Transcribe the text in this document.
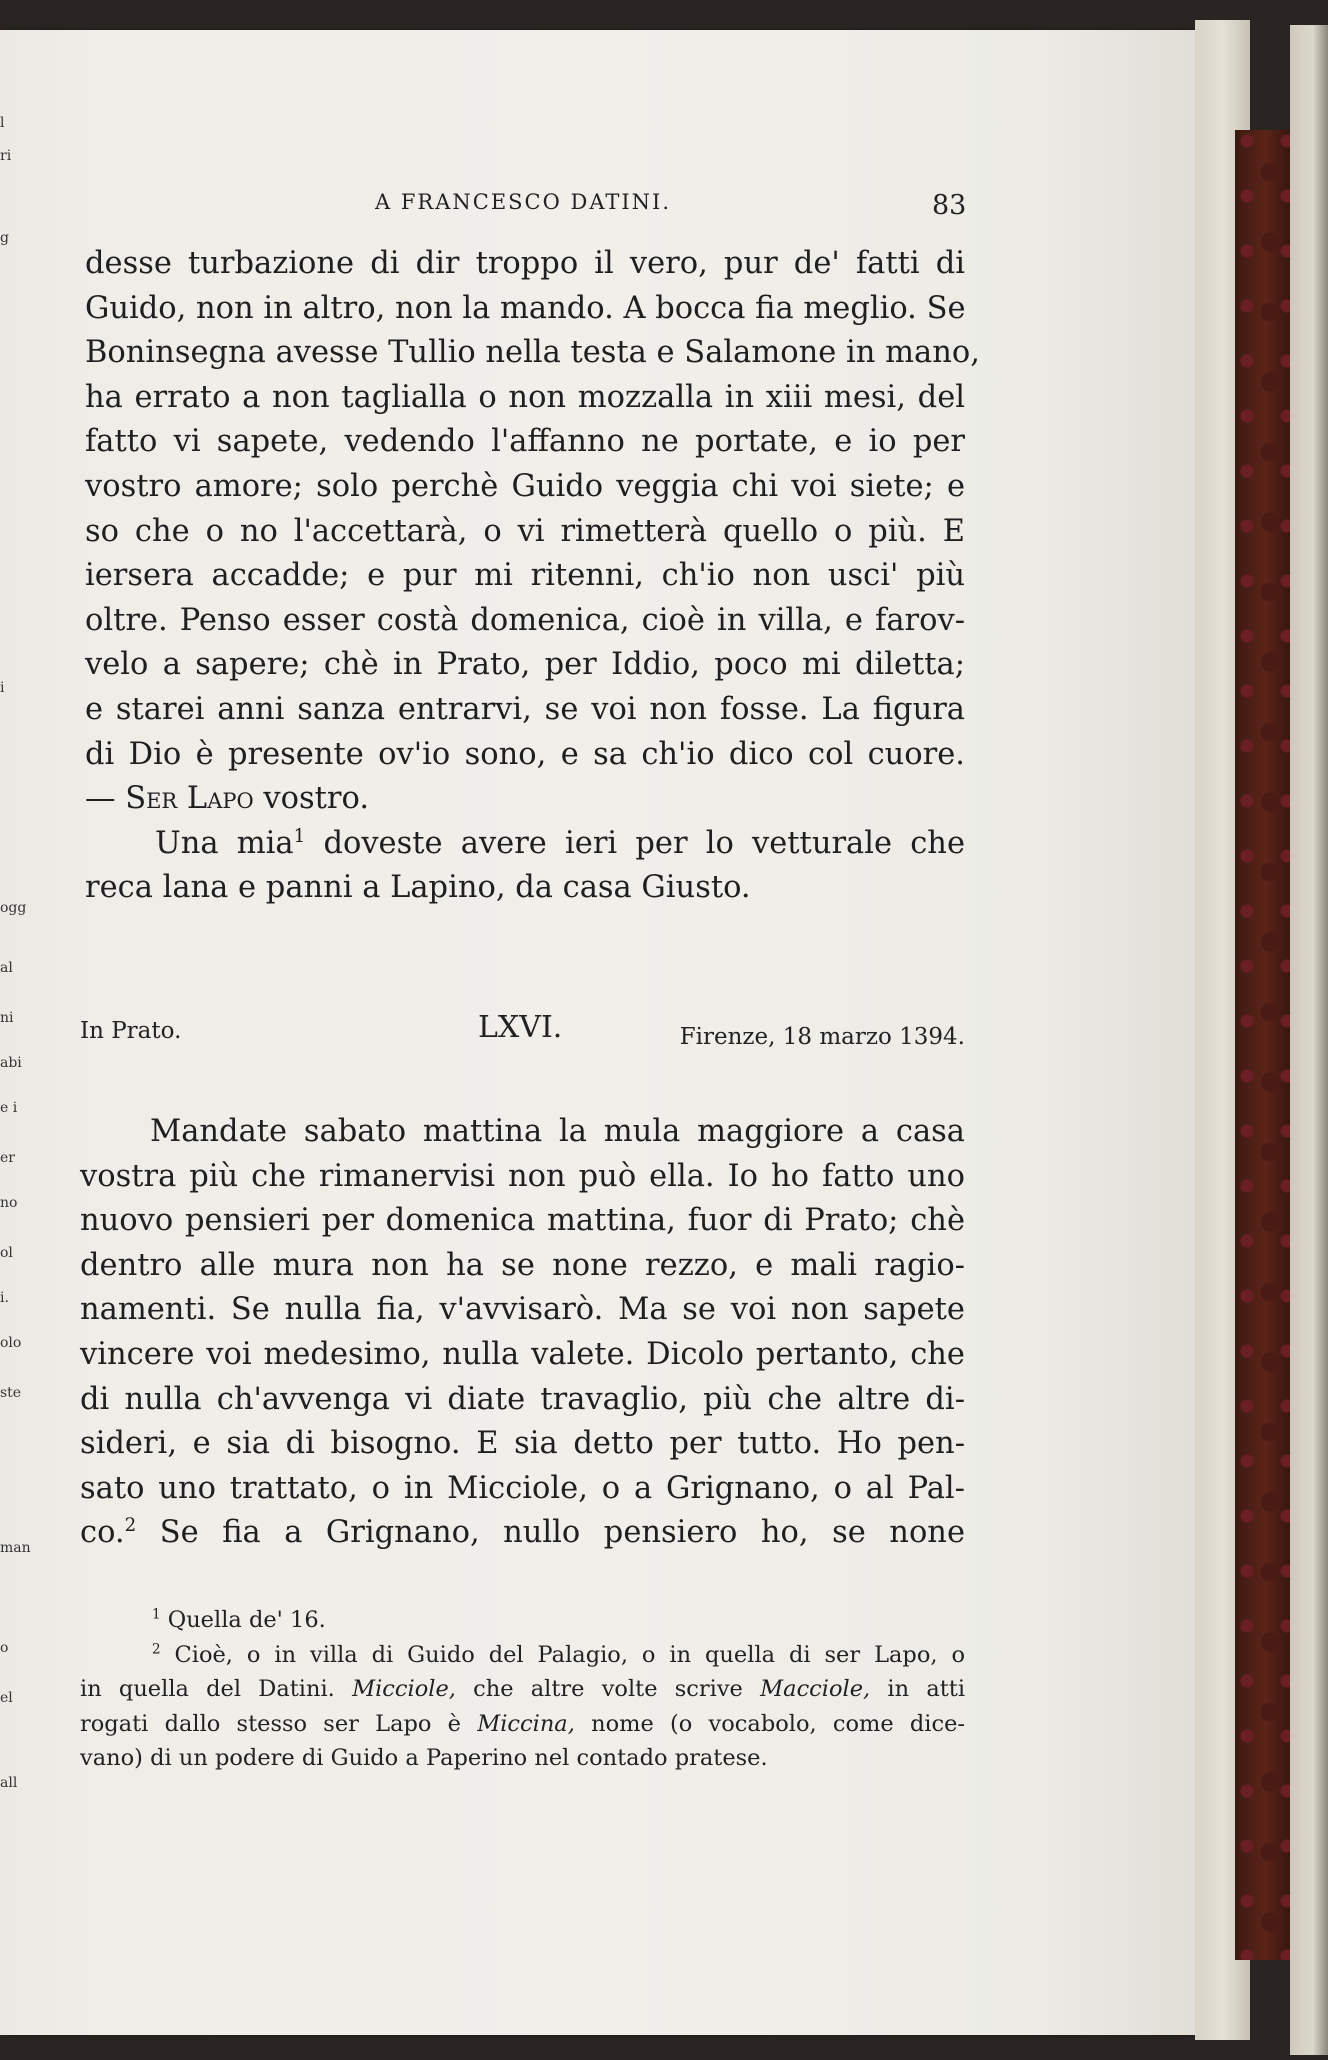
l
ri
g
i
ogg
al
ni
abi
e i
er
no
ol
i.
olo
ste
man
o
el
all
A FRANCESCO DATINI.	83
desse turbazione di dir troppo il vero, pur de' fatti di
Guido, non in altro, non la mando. A bocca fia meglio. Se
Boninsegna avesse Tullio nella testa e Salamone in mano,
ha errato a non taglialla o non mozzalla in xiii mesi, del
fatto vi sapete, vedendo l'affanno ne portate, e io per
vostro amore; solo perchè Guido veggia chi voi siete; e
so che o no l'accettarà, o vi rimetterà quello o più. E
iersera accadde; e pur mi ritenni, ch'io non usci' più
oltre. Penso esser costà domenica, cioè in villa, e farov-
velo a sapere; chè in Prato, per Iddio, poco mi diletta;
e starei anni sanza entrarvi, se voi non fosse. La figura
di Dio è presente ov'io sono, e sa ch'io dico col cuore.
— Ser Lapo vostro.
Una mia$^1$ doveste avere ieri per lo vetturale che
reca lana e panni a Lapino, da casa Giusto.
In Prato.	LXVI.	Firenze, 18 marzo 1394.
Mandate sabato mattina la mula maggiore a casa
vostra più che rimanervisi non può ella. Io ho fatto uno
nuovo pensieri per domenica mattina, fuor di Prato; chè
dentro alle mura non ha se none rezzo, e mali ragio-
namenti. Se nulla fia, v'avvisarò. Ma se voi non sapete
vincere voi medesimo, nulla valete. Dicolo pertanto, che
di nulla ch'avvenga vi diate travaglio, più che altre di-
sideri, e sia di bisogno. E sia detto per tutto. Ho pen-
sato uno trattato, o in Micciole, o a Grignano, o al Pal-
co.$^2$ Se fia a Grignano, nullo pensiero ho, se none
$^1$ Quella de' 16.
$^2$ Cioè, o in villa di Guido del Palagio, o in quella di ser Lapo, o
in quella del Datini. Micciole, che altre volte scrive Macciole, in atti
rogati dallo stesso ser Lapo è Miccina, nome (o vocabolo, come dice-
vano) di un podere di Guido a Paperino nel contado pratese.
